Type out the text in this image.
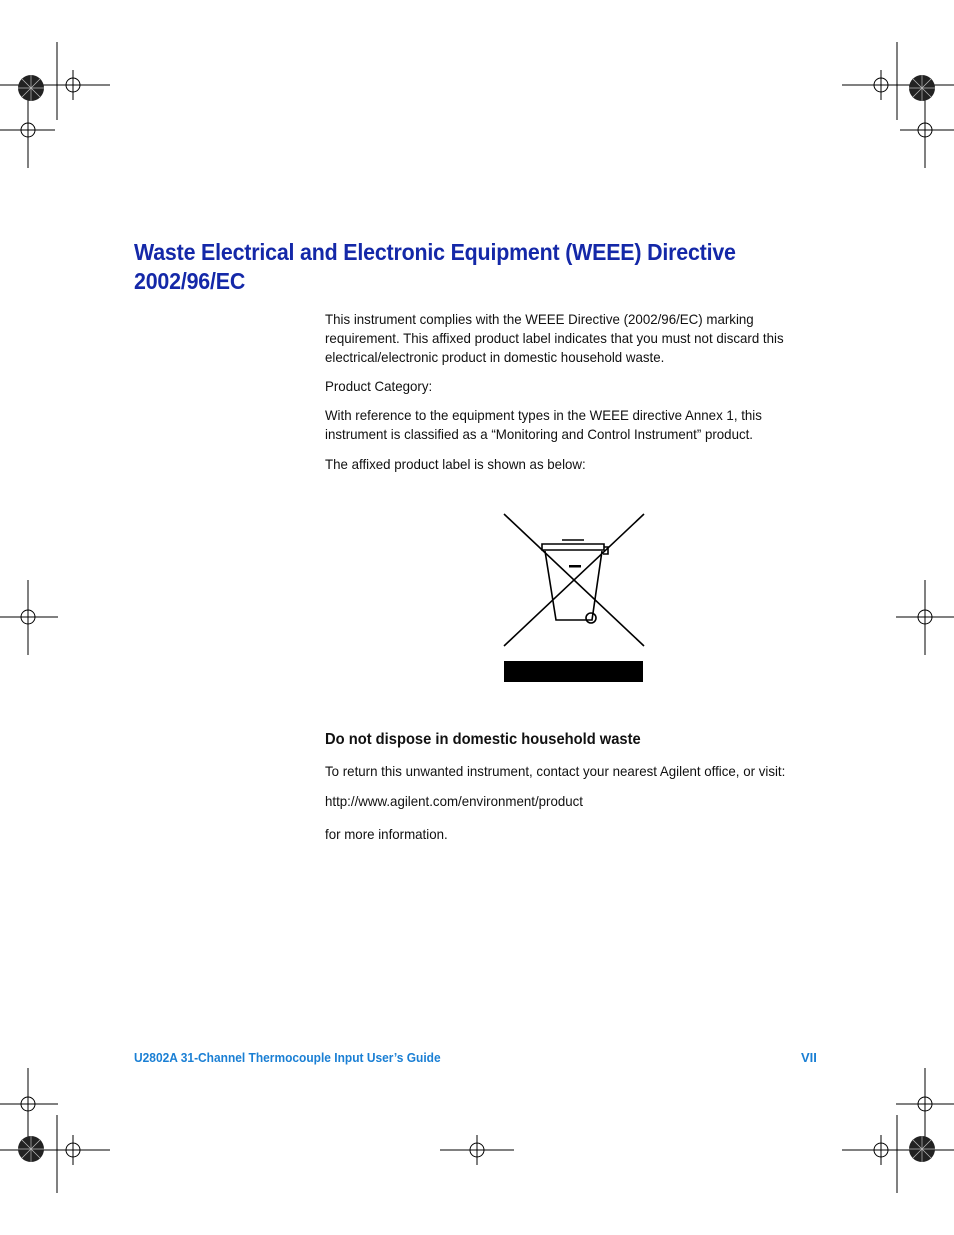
Waste Electrical and Electronic Equipment (WEEE) Directive 2002/96/EC

This instrument complies with the WEEE Directive (2002/96/EC) marking requirement. This affixed product label indicates that you must not discard this electrical/electronic product in domestic household waste.

Product Category:

With reference to the equipment types in the WEEE directive Annex 1, this instrument is classified as a “Monitoring and Control Instrument” product.

The affixed product label is shown as below:

Do not dispose in domestic household waste

To return this unwanted instrument, contact your nearest Agilent office, or visit:

http://www.agilent.com/environment/product

for more information.

U2802A 31-Channel Thermocouple Input User’s Guide	VII
